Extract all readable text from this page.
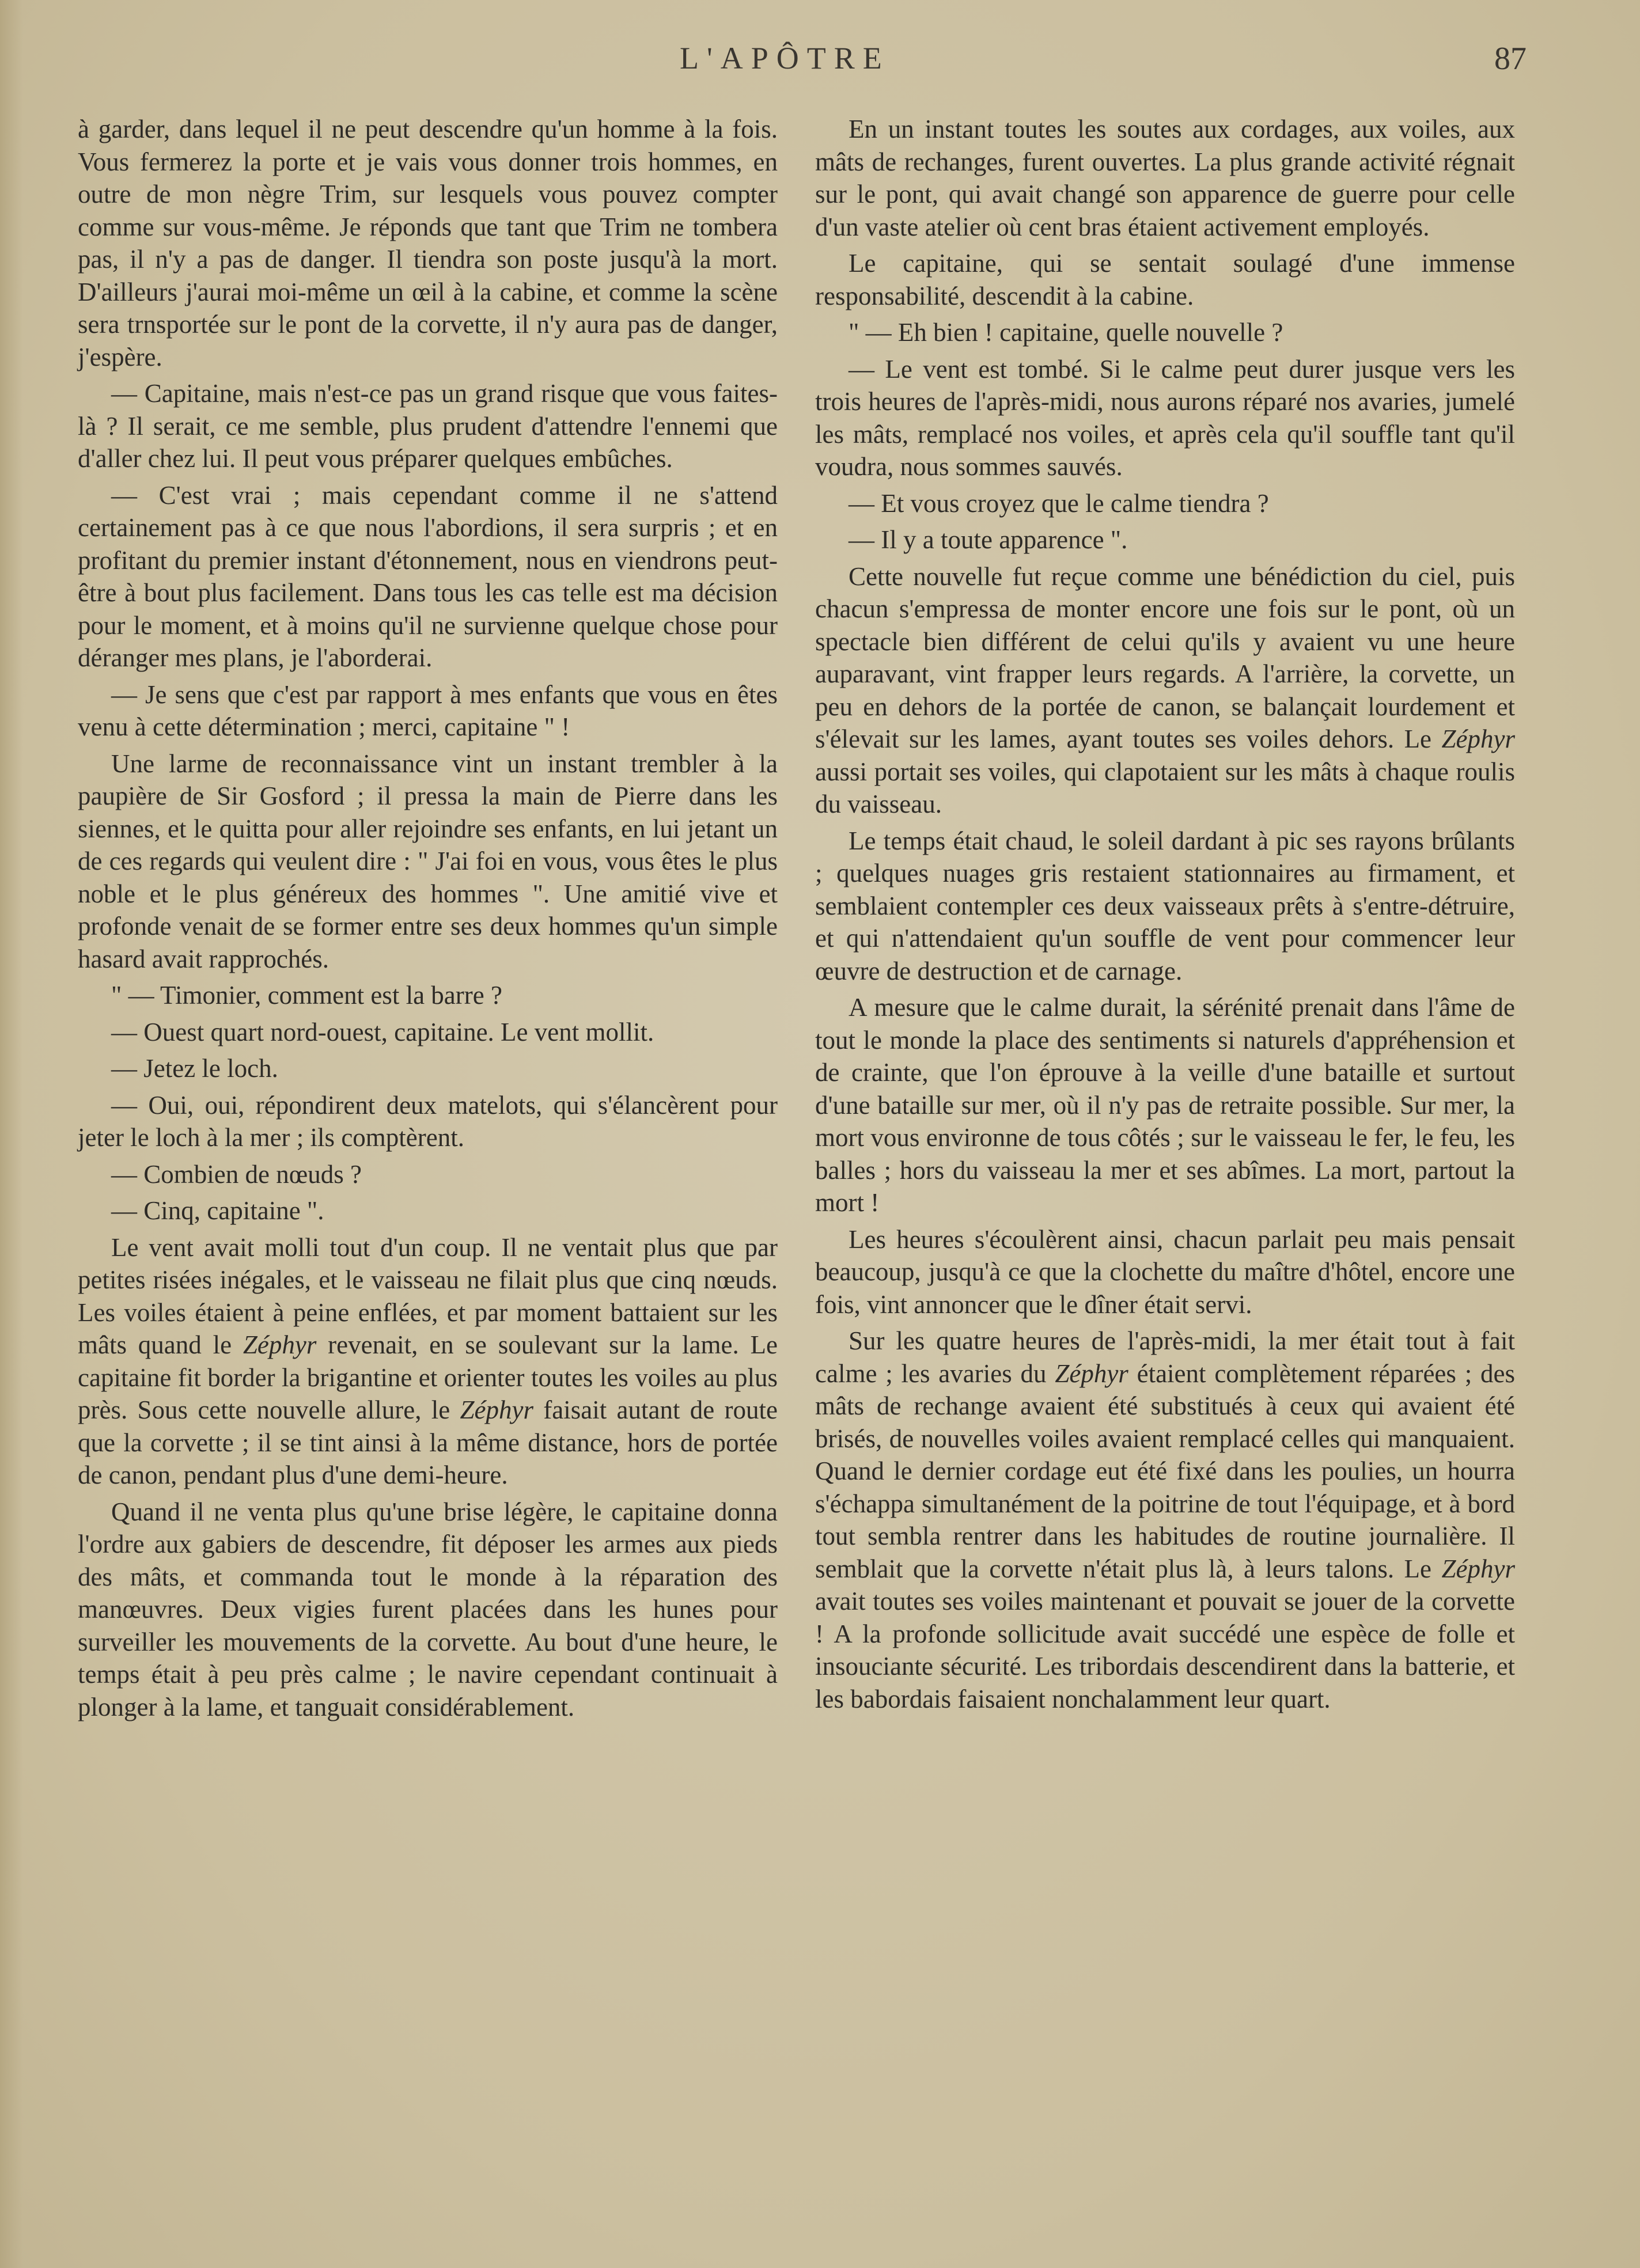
L'APÔTRE	87

à garder, dans lequel il ne peut descendre qu'un homme à la fois. Vous fermerez la porte et je vais vous donner trois hommes, en outre de mon nègre Trim, sur lesquels vous pouvez compter comme sur vous-même. Je réponds que tant que Trim ne tombera pas, il n'y a pas de danger. Il tiendra son poste jusqu'à la mort. D'ailleurs j'aurai moi-même un œil à la cabine, et comme la scène sera trnsportée sur le pont de la corvette, il n'y aura pas de danger, j'espère.

— Capitaine, mais n'est-ce pas un grand risque que vous faites-là ? Il serait, ce me semble, plus prudent d'attendre l'ennemi que d'aller chez lui. Il peut vous préparer quelques embûches.

— C'est vrai ; mais cependant comme il ne s'attend certainement pas à ce que nous l'abordions, il sera surpris ; et en profitant du premier instant d'étonnement, nous en viendrons peut-être à bout plus facilement. Dans tous les cas telle est ma décision pour le moment, et à moins qu'il ne survienne quelque chose pour déranger mes plans, je l'aborderai.

— Je sens que c'est par rapport à mes enfants que vous en êtes venu à cette détermination ; merci, capitaine " !

Une larme de reconnaissance vint un instant trembler à la paupière de Sir Gosford ; il pressa la main de Pierre dans les siennes, et le quitta pour aller rejoindre ses enfants, en lui jetant un de ces regards qui veulent dire : " J'ai foi en vous, vous êtes le plus noble et le plus généreux des hommes ". Une amitié vive et profonde venait de se former entre ses deux hommes qu'un simple hasard avait rapprochés.

" — Timonier, comment est la barre ?

— Ouest quart nord-ouest, capitaine. Le vent mollit.

— Jetez le loch.

— Oui, oui, répondirent deux matelots, qui s'élancèrent pour jeter le loch à la mer ; ils comptèrent.

— Combien de nœuds ?

— Cinq, capitaine ".

Le vent avait molli tout d'un coup. Il ne ventait plus que par petites risées inégales, et le vaisseau ne filait plus que cinq nœuds. Les voiles étaient à peine enflées, et par moment battaient sur les mâts quand le Zéphyr revenait, en se soulevant sur la lame. Le capitaine fit border la brigantine et orienter toutes les voiles au plus près. Sous cette nouvelle allure, le Zéphyr faisait autant de route que la corvette ; il se tint ainsi à la même distance, hors de portée de canon, pendant plus d'une demi-heure.

Quand il ne venta plus qu'une brise légère, le capitaine donna l'ordre aux gabiers de descendre, fit déposer les armes aux pieds des mâts, et commanda tout le monde à la réparation des manœuvres. Deux vigies furent placées dans les hunes pour surveiller les mouvements de la corvette. Au bout d'une heure, le temps était à peu près calme ; le navire cependant continuait à plonger à la lame, et tanguait considérablement.

En un instant toutes les soutes aux cordages, aux voiles, aux mâts de rechanges, furent ouvertes. La plus grande activité régnait sur le pont, qui avait changé son apparence de guerre pour celle d'un vaste atelier où cent bras étaient activement employés.

Le capitaine, qui se sentait soulagé d'une immense responsabilité, descendit à la cabine.

" — Eh bien ! capitaine, quelle nouvelle ?

— Le vent est tombé. Si le calme peut durer jusque vers les trois heures de l'après-midi, nous aurons réparé nos avaries, jumelé les mâts, remplacé nos voiles, et après cela qu'il souffle tant qu'il voudra, nous sommes sauvés.

— Et vous croyez que le calme tiendra ?

— Il y a toute apparence ".

Cette nouvelle fut reçue comme une bénédiction du ciel, puis chacun s'empressa de monter encore une fois sur le pont, où un spectacle bien différent de celui qu'ils y avaient vu une heure auparavant, vint frapper leurs regards. A l'arrière, la corvette, un peu en dehors de la portée de canon, se balançait lourdement et s'élevait sur les lames, ayant toutes ses voiles dehors. Le Zéphyr aussi portait ses voiles, qui clapotaient sur les mâts à chaque roulis du vaisseau.

Le temps était chaud, le soleil dardant à pic ses rayons brûlants ; quelques nuages gris restaient stationnaires au firmament, et semblaient contempler ces deux vaisseaux prêts à s'entre-détruire, et qui n'attendaient qu'un souffle de vent pour commencer leur œuvre de destruction et de carnage.

A mesure que le calme durait, la sérénité prenait dans l'âme de tout le monde la place des sentiments si naturels d'appréhension et de crainte, que l'on éprouve à la veille d'une bataille et surtout d'une bataille sur mer, où il n'y pas de retraite possible. Sur mer, la mort vous environne de tous côtés ; sur le vaisseau le fer, le feu, les balles ; hors du vaisseau la mer et ses abîmes. La mort, partout la mort !

Les heures s'écoulèrent ainsi, chacun parlait peu mais pensait beaucoup, jusqu'à ce que la clochette du maître d'hôtel, encore une fois, vint annoncer que le dîner était servi.

Sur les quatre heures de l'après-midi, la mer était tout à fait calme ; les avaries du Zéphyr étaient complètement réparées ; des mâts de rechange avaient été substitués à ceux qui avaient été brisés, de nouvelles voiles avaient remplacé celles qui manquaient. Quand le dernier cordage eut été fixé dans les poulies, un hourra s'échappa simultanément de la poitrine de tout l'équipage, et à bord tout sembla rentrer dans les habitudes de routine journalière. Il semblait que la corvette n'était plus là, à leurs talons. Le Zéphyr avait toutes ses voiles maintenant et pouvait se jouer de la corvette ! A la profonde sollicitude avait succédé une espèce de folle et insouciante sécurité. Les tribordais descendirent dans la batterie, et les babordais faisaient nonchalamment leur quart.
